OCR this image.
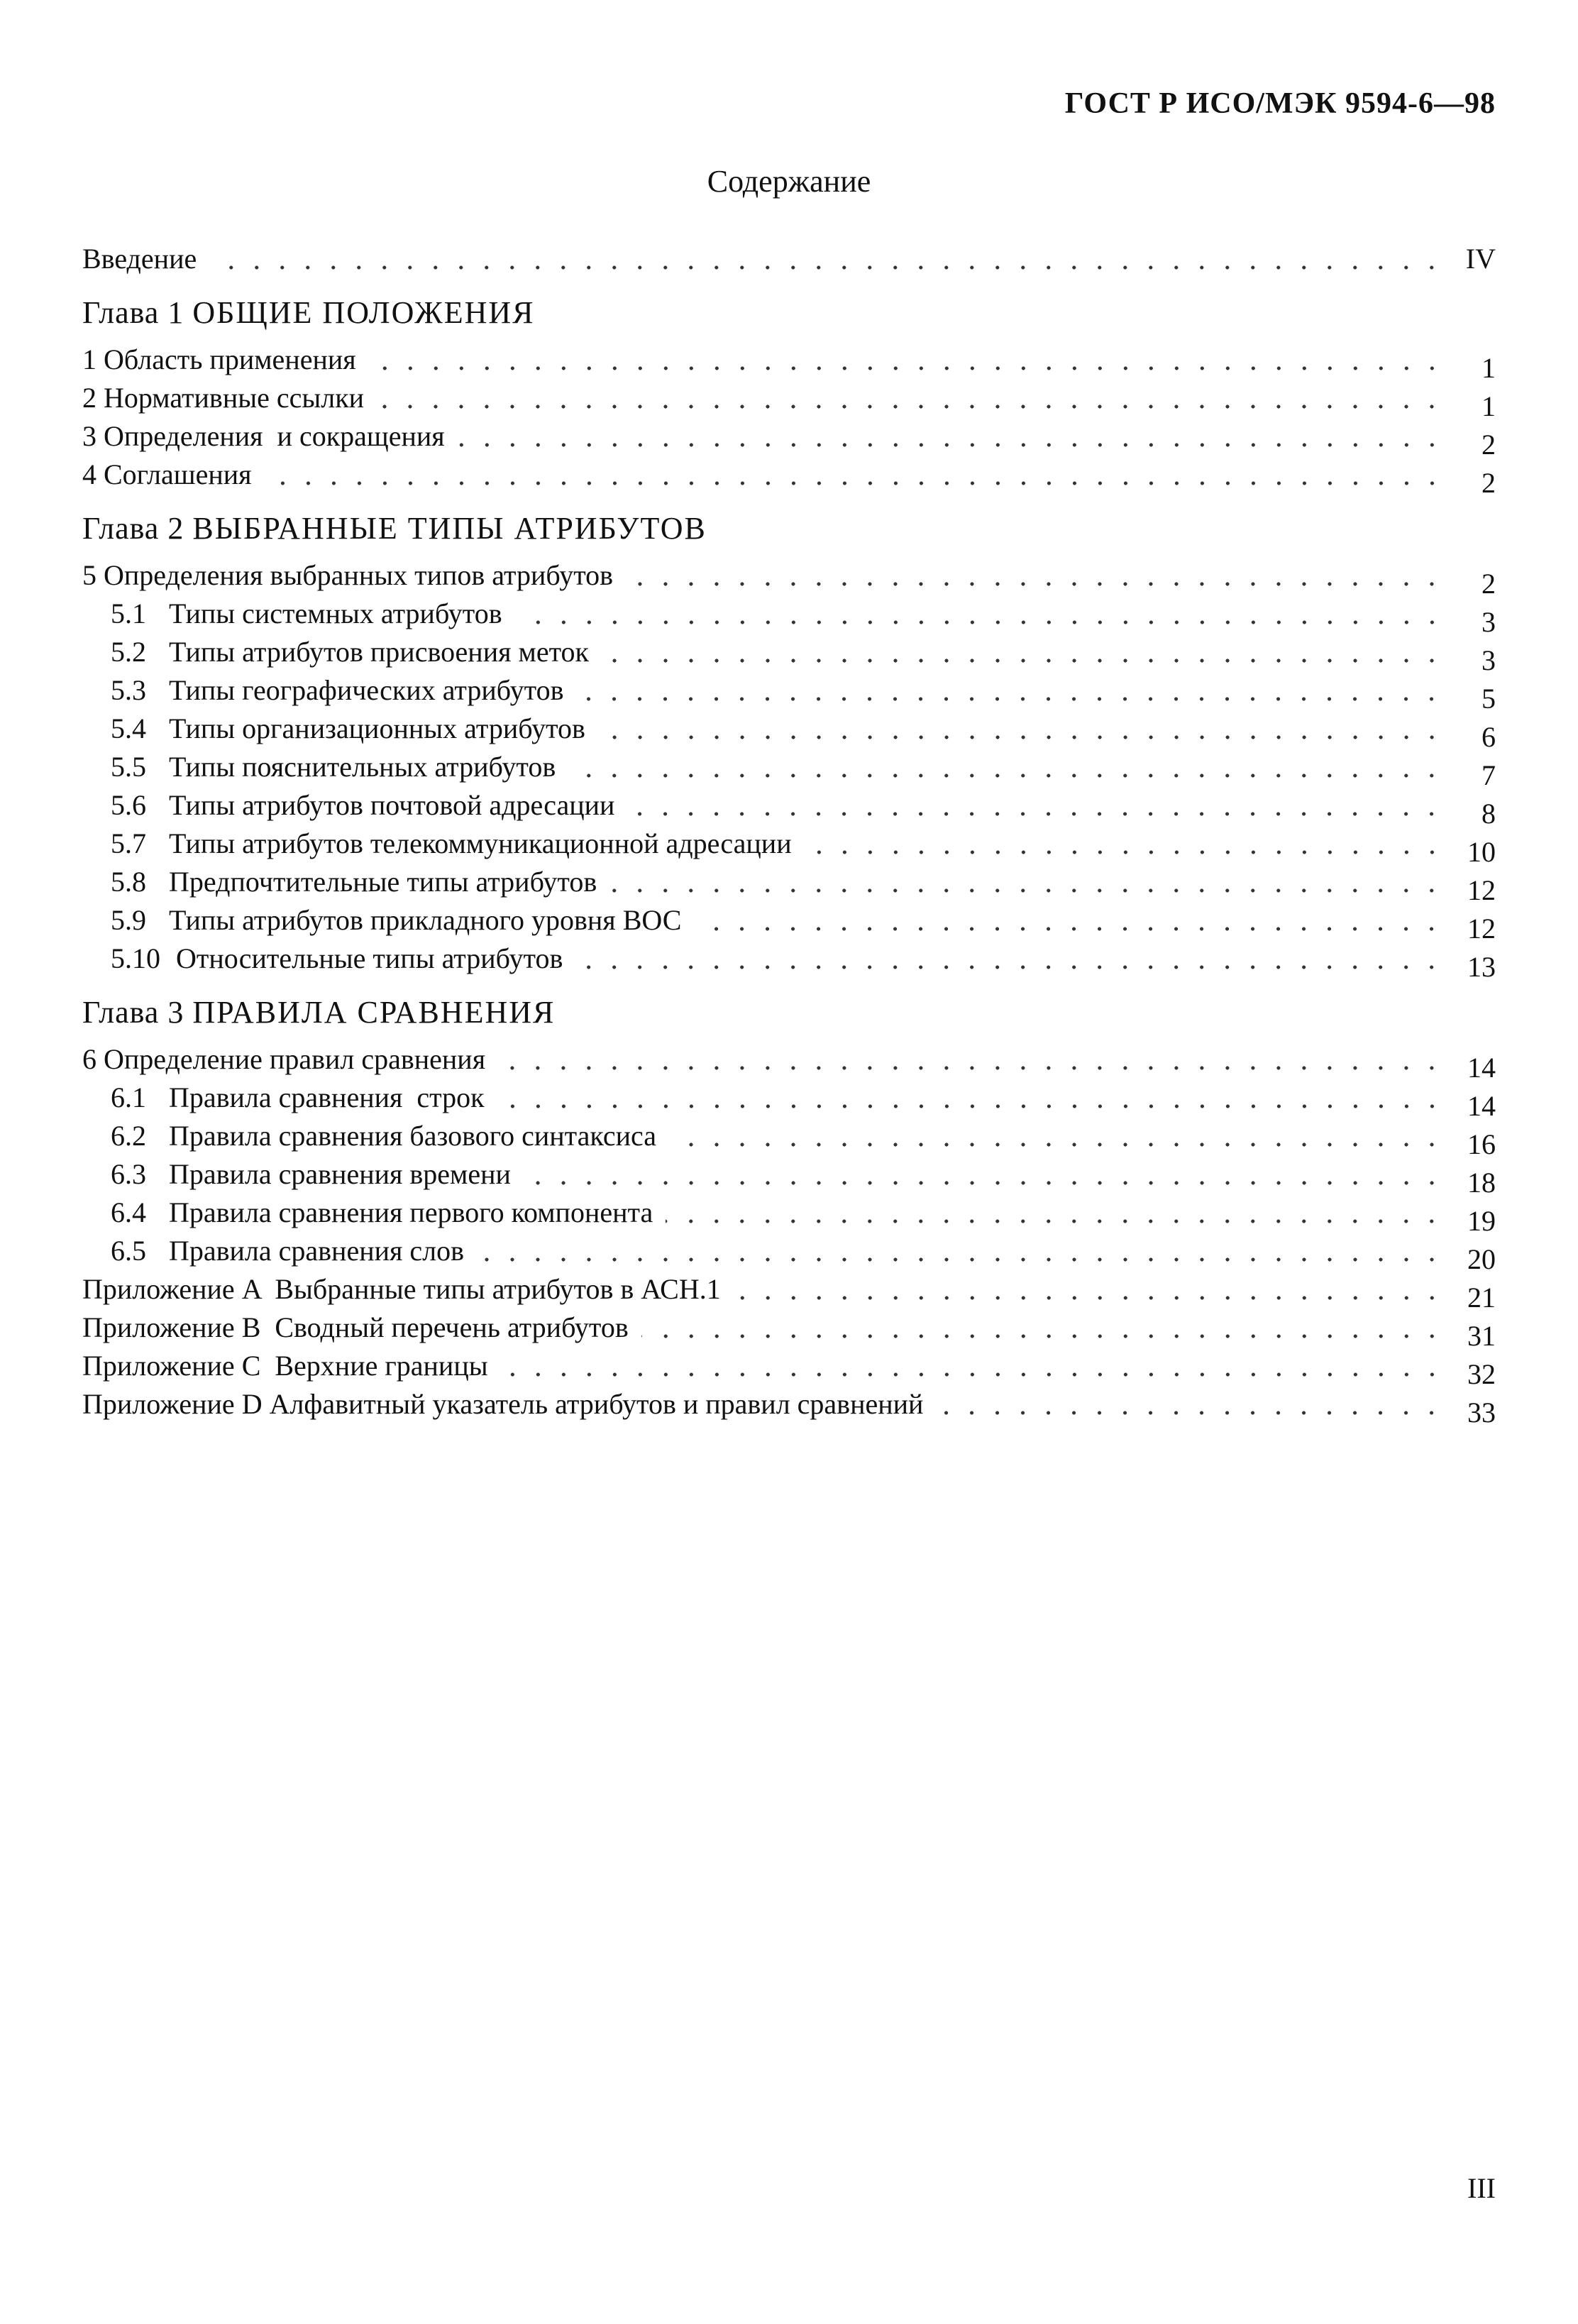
ГОСТ Р ИСО/МЭК 9594-6—98
Содержание
Введение	IV
Глава 1
ОБЩИЕ ПОЛОЖЕНИЯ
1 Область применения	1
2 Нормативные ссылки	1
3 Определения  и сокращения	2
4 Соглашения	2
Глава 2
ВЫБРАННЫЕ ТИПЫ АТРИБУТОВ
5 Определения выбранных типов атрибутов	2
5.1 Типы системных атрибутов	3
5.2 Типы атрибутов присвоения меток	3
5.3 Типы географических атрибутов	5
5.4 Типы организационных атрибутов	6
5.5 Типы пояснительных атрибутов	7
5.6 Типы атрибутов почтовой адресации	8
5.7 Типы атрибутов телекоммуникационной адресации	10
5.8 Предпочтительные типы атрибутов	12
5.9 Типы атрибутов прикладного уровня ВОС	12
5.10 Относительные типы атрибутов	13
Глава 3
ПРАВИЛА СРАВНЕНИЯ
6 Определение правил сравнения	14
6.1 Правила сравнения  строк	14
6.2 Правила сравнения базового синтаксиса	16
6.3 Правила сравнения времени	18
6.4 Правила сравнения первого компонента	19
6.5 Правила сравнения слов	20
Приложение A  Выбранные типы атрибутов в АСН.1	21
Приложение B  Сводный перечень атрибутов	31
Приложение C  Верхние границы	32
Приложение D Алфавитный указатель атрибутов и правил сравнений	33
III
